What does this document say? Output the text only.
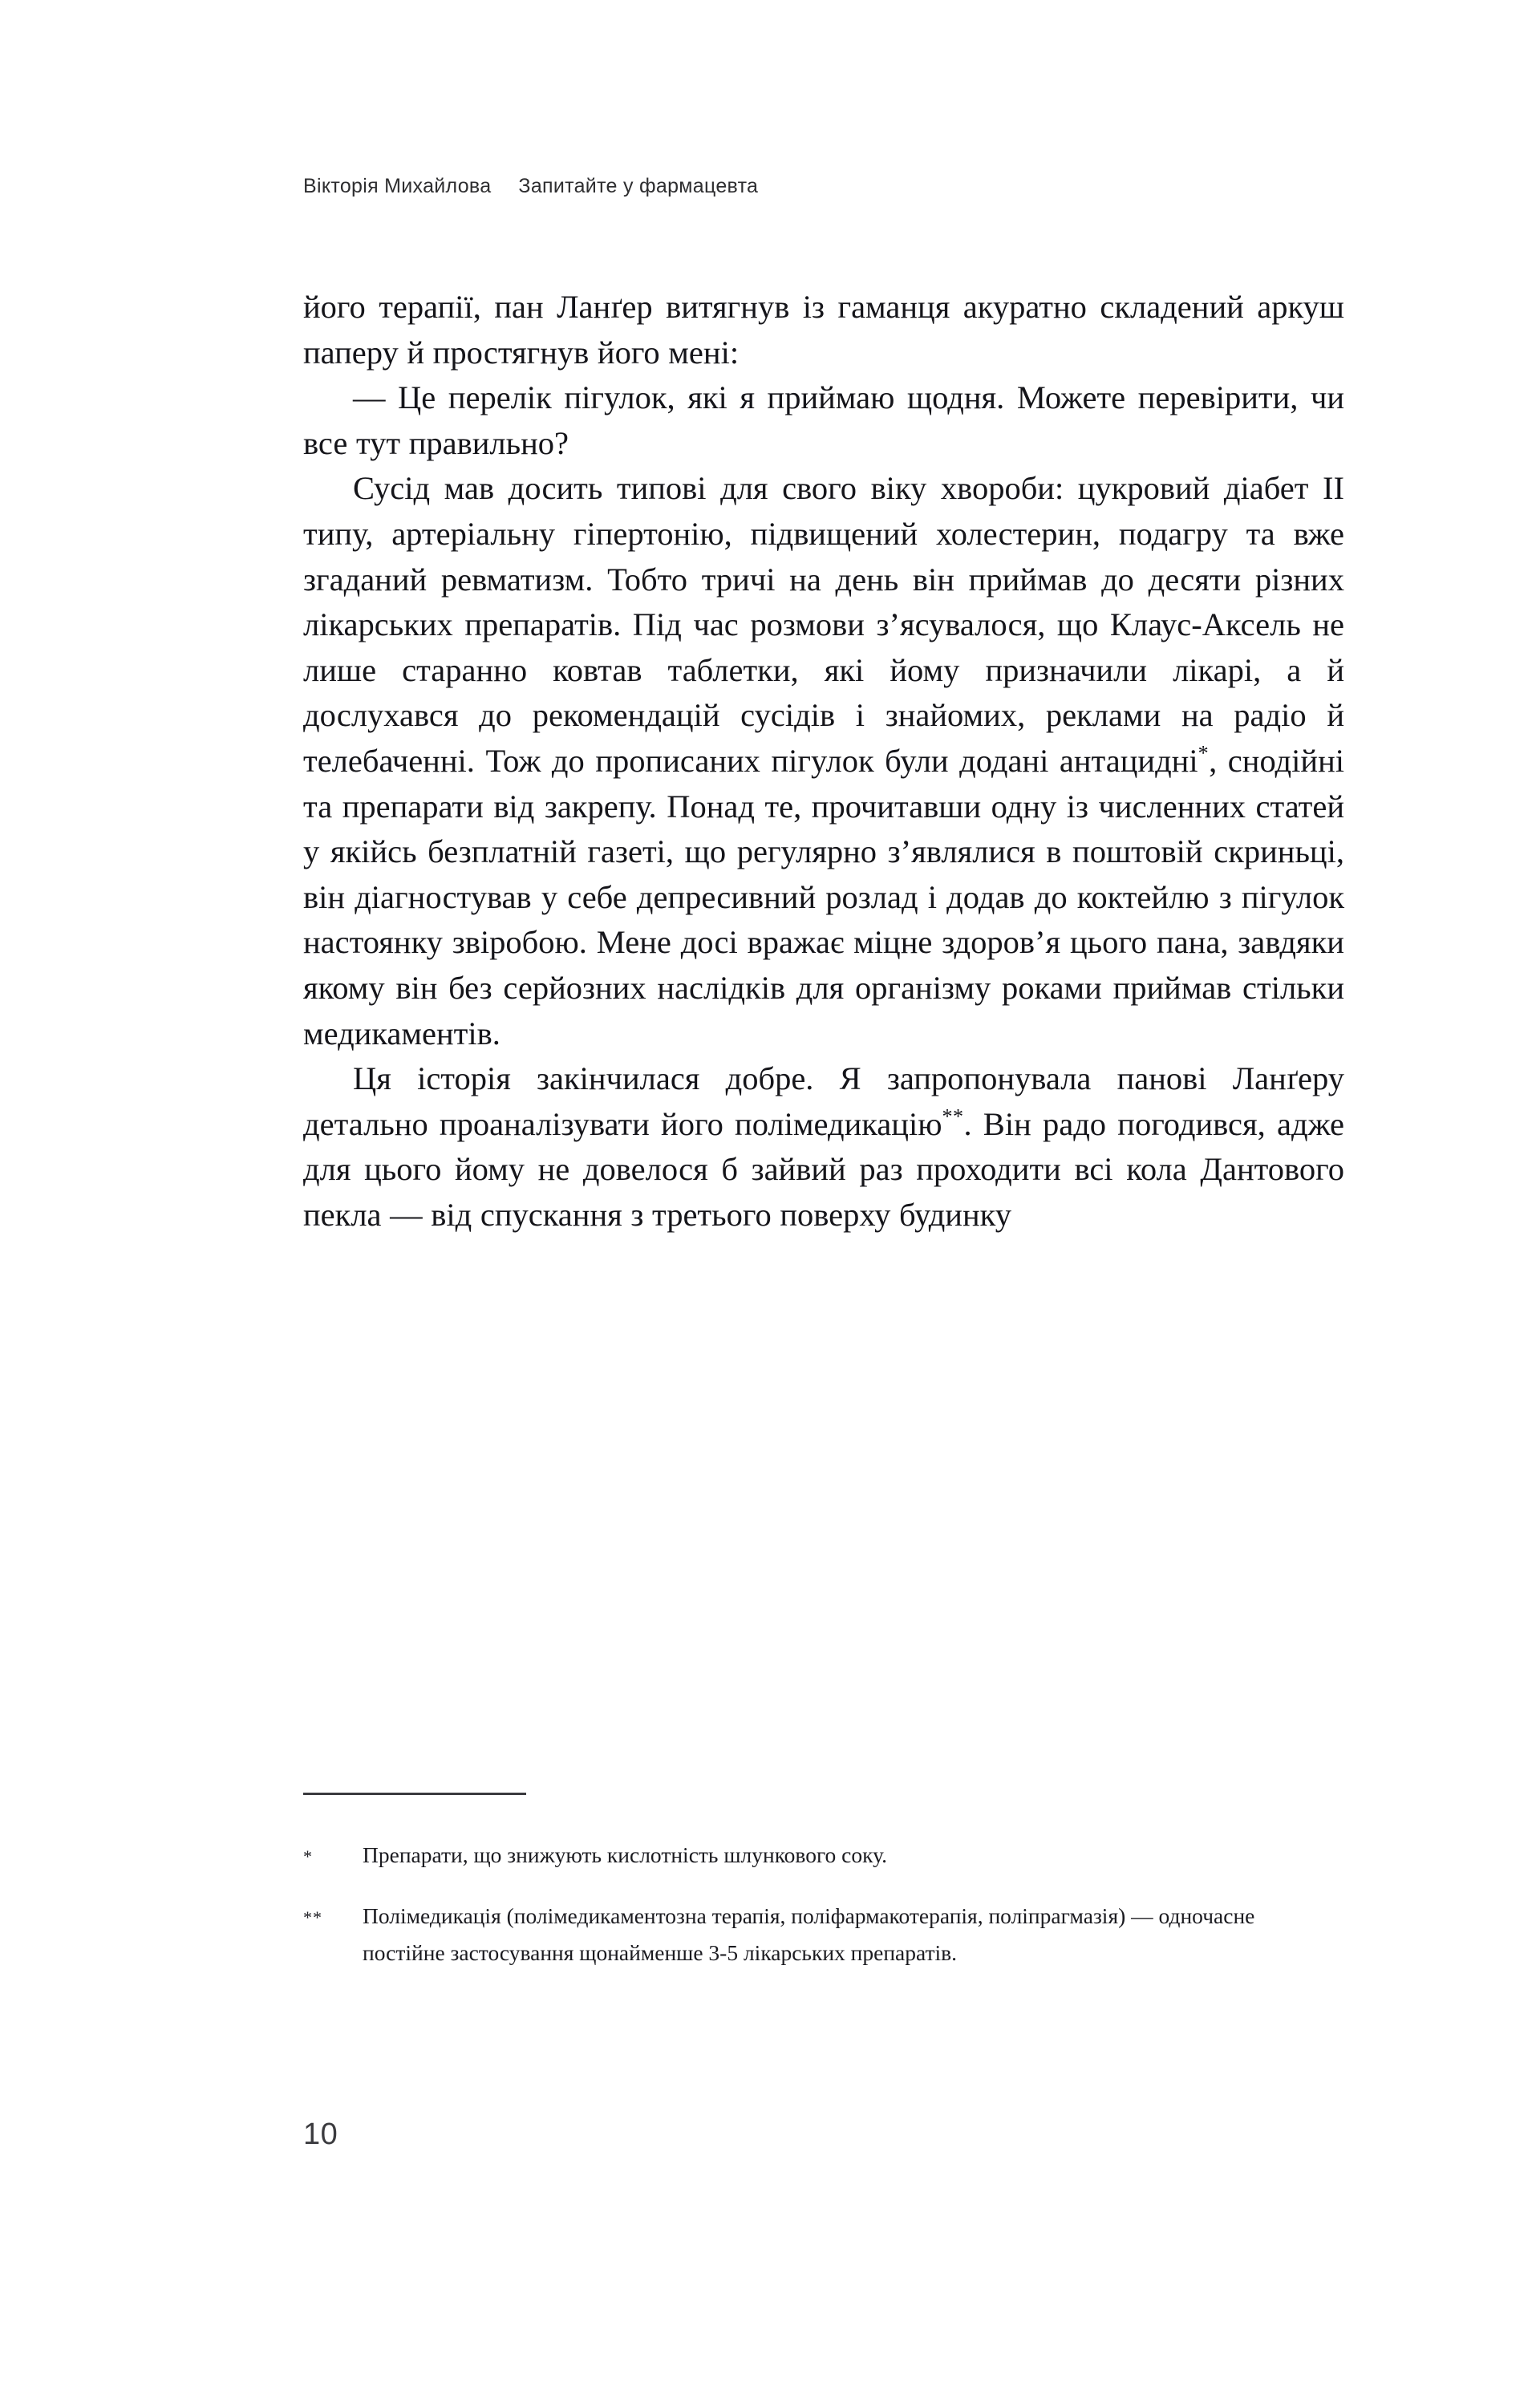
Вікторія Михайлова Запитайте у фармацевта

його терапії, пан Ланґер витягнув із гаманця акуратно складений аркуш паперу й простягнув його мені:

— Це перелік пігулок, які я приймаю щодня. Можете перевірити, чи все тут правильно?

Сусід мав досить типові для свого віку хвороби: цукровий діабет II типу, артеріальну гіпертонію, підвищений холестерин, подагру та вже згаданий ревматизм. Тобто тричі на день він приймав до десяти різних лікарських препаратів. Під час розмови з’ясувалося, що Клаус-Аксель не лише старанно ковтав таблетки, які йому призначили лікарі, а й дослухався до рекомендацій сусідів і знайомих, реклами на радіо й телебаченні. Тож до прописаних пігулок були додані антацидні*, снодійні та препарати від закрепу. Понад те, прочитавши одну із численних статей у якійсь безплатній газеті, що регулярно з’являлися в поштовій скриньці, він діагностував у себе депресивний розлад і додав до коктейлю з пігулок настоянку звіробою. Мене досі вражає міцне здоров’я цього пана, завдяки якому він без серйозних наслідків для організму роками приймав стільки медикаментів.

Ця історія закінчилася добре. Я запропонувала панові Ланґеру детально проаналізувати його полімедикацію**. Він радо погодився, адже для цього йому не довелося б зайвий раз проходити всі кола Дантового пекла — від спускання з третього поверху будинку

*	Препарати, що знижують кислотність шлункового соку.
**	Полімедикація (полімедикаментозна терапія, поліфармакотерапія, поліпрагмазія) — одночасне постійне застосування щонайменше 3-5 лікарських препаратів.
10
